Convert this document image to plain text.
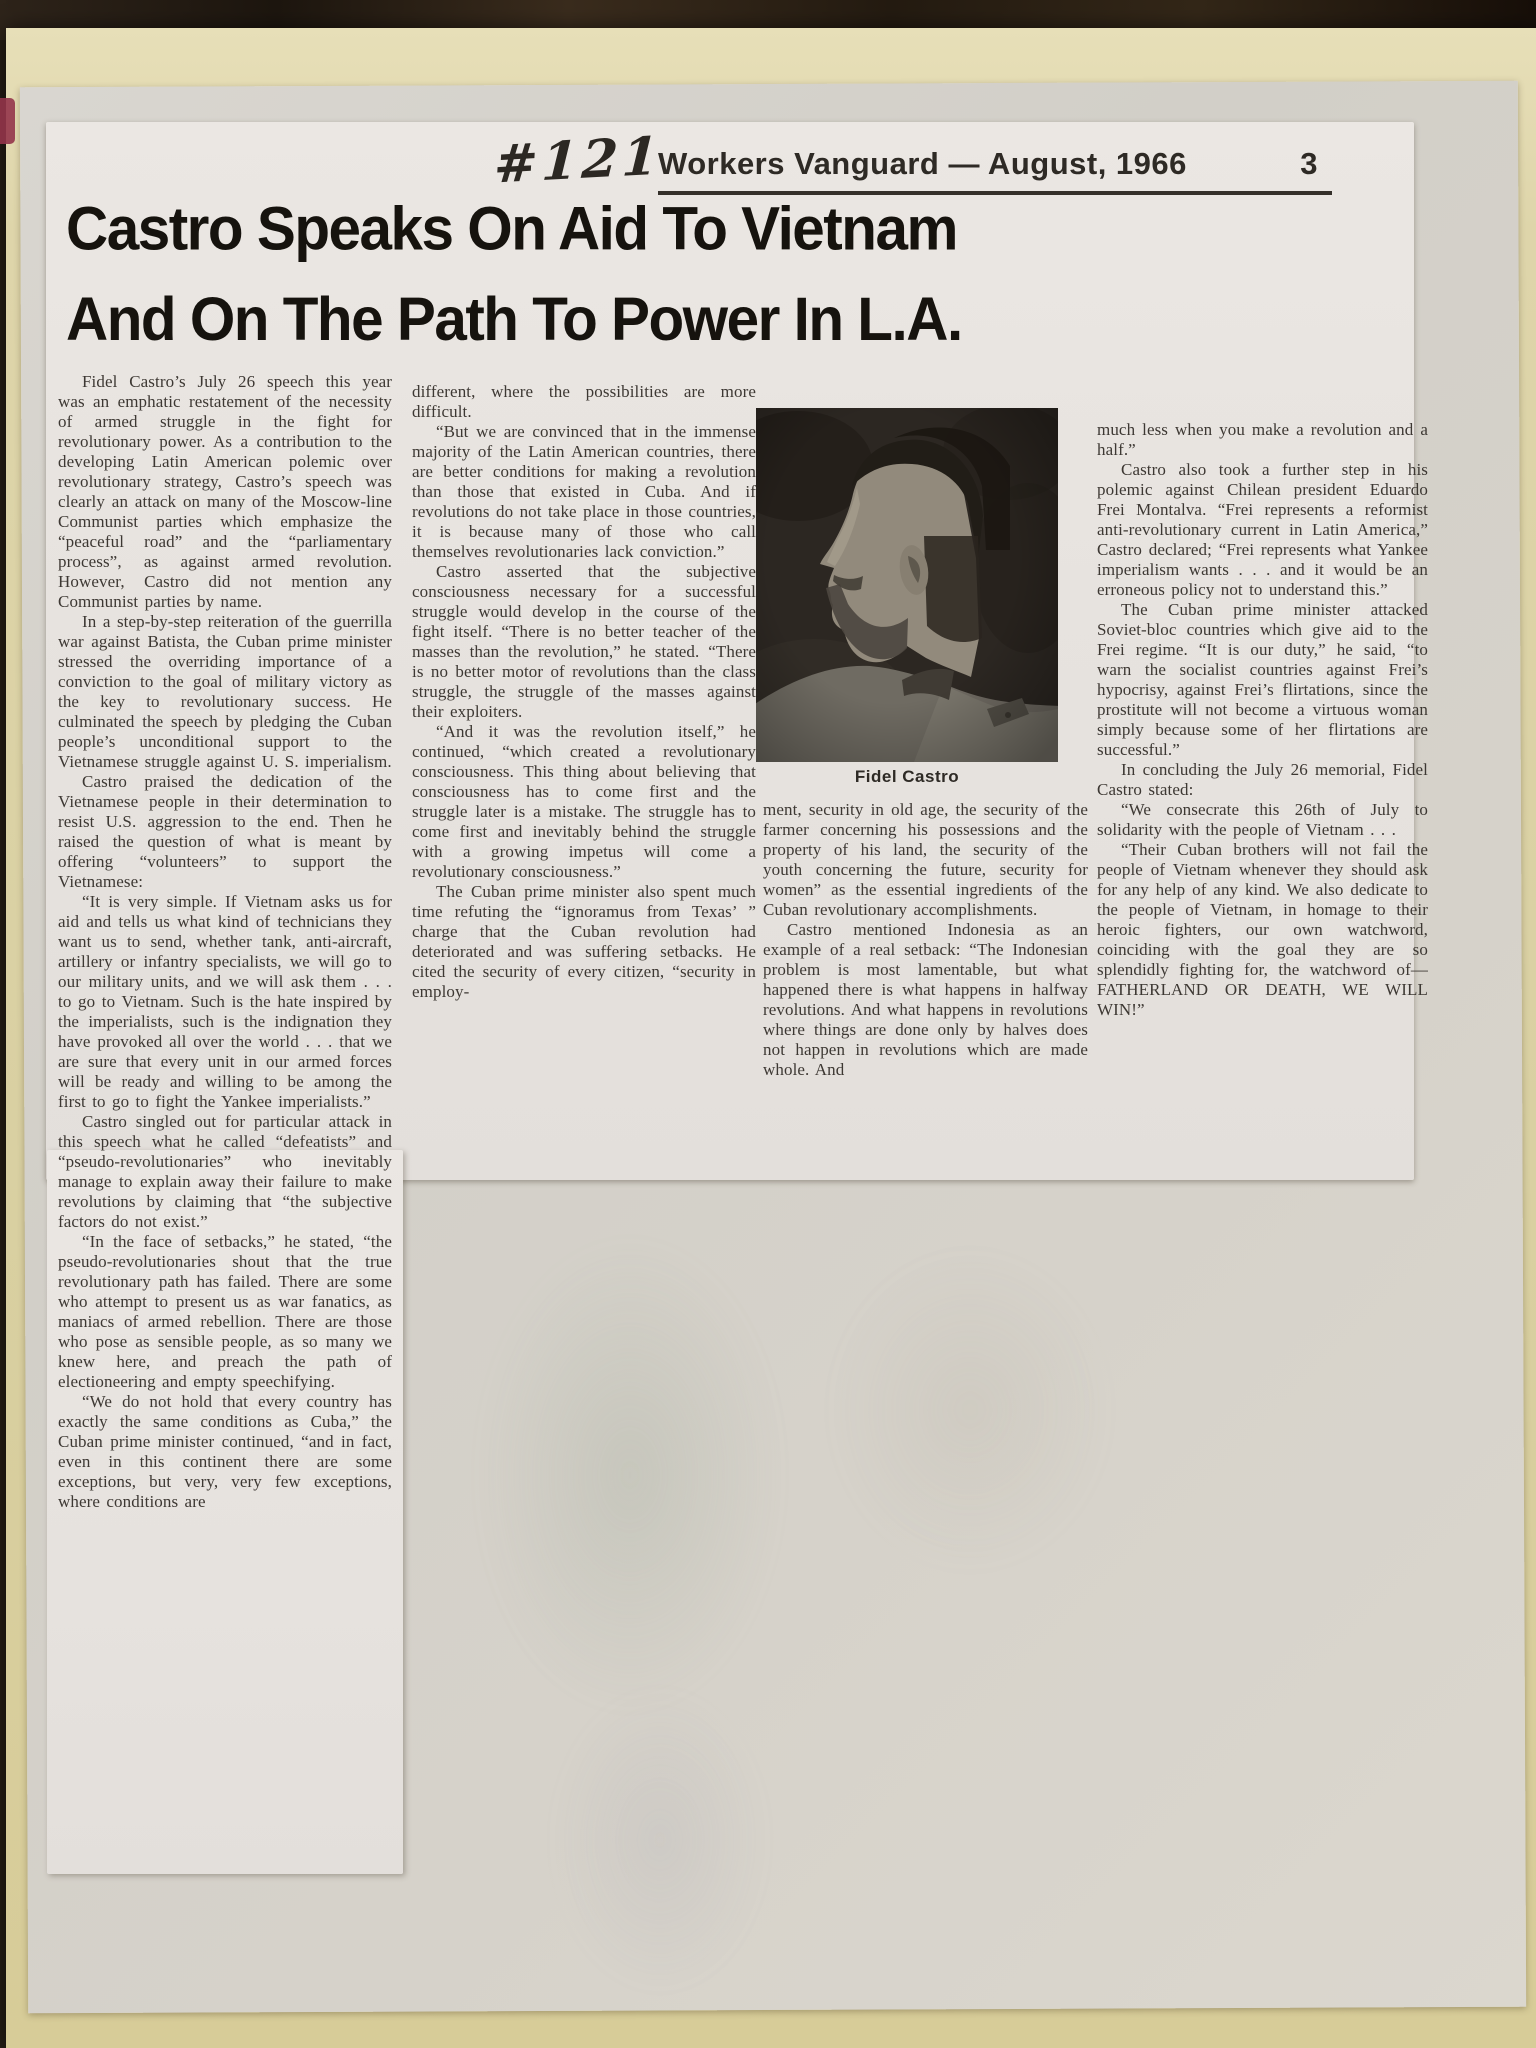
#121
Workers Vanguard — August, 1966	3
Castro Speaks On Aid To Vietnam
And On The Path To Power In L.A.

Fidel Castro’s July 26 speech this year was an emphatic restatement of the necessity of armed struggle in the fight for revolutionary power. As a contribution to the developing Latin American polemic over revolutionary strategy, Castro’s speech was clearly an attack on many of the Moscow-line Communist parties which emphasize the “peaceful road” and the “parliamentary process”, as against armed revolution. However, Castro did not mention any Communist parties by name.

In a step-by-step reiteration of the guerrilla war against Batista, the Cuban prime minister stressed the overriding importance of a conviction to the goal of military victory as the key to revolutionary success. He culminated the speech by pledging the Cuban people’s unconditional support to the Vietnamese struggle against U. S. imperialism.

Castro praised the dedication of the Vietnamese people in their determination to resist U.S. aggression to the end. Then he raised the question of what is meant by offering “volunteers” to support the Vietnamese:

“It is very simple. If Vietnam asks us for aid and tells us what kind of technicians they want us to send, whether tank, anti-aircraft, artillery or infantry specialists, we will go to our military units, and we will ask them . . . to go to Vietnam. Such is the hate inspired by the imperialists, such is the indignation they have provoked all over the world . . . that we are sure that every unit in our armed forces will be ready and willing to be among the first to go to fight the Yankee imperialists.”

Castro singled out for particular attack in this speech what he called “defeatists” and “pseudo-revolutionaries” who inevitably manage to explain away their failure to make revolutions by claiming that “the subjective factors do not exist.”

“In the face of setbacks,” he stated, “the pseudo-revolutionaries shout that the true revolutionary path has failed. There are some who attempt to present us as war fanatics, as maniacs of armed rebellion. There are those who pose as sensible people, as so many we knew here, and preach the path of electioneering and empty speechifying.

“We do not hold that every country has exactly the same conditions as Cuba,” the Cuban prime minister continued, “and in fact, even in this continent there are some exceptions, but very, very few exceptions, where conditions are

different, where the possibilities are more difficult.

“But we are convinced that in the immense majority of the Latin American countries, there are better conditions for making a revolution than those that existed in Cuba. And if revolutions do not take place in those countries, it is because many of those who call themselves revolutionaries lack conviction.”

Castro asserted that the subjective consciousness necessary for a successful struggle would develop in the course of the fight itself. “There is no better teacher of the masses than the revolution,” he stated. “There is no better motor of revolutions than the class struggle, the struggle of the masses against their exploiters.

“And it was the revolution itself,” he continued, “which created a revolutionary consciousness. This thing about believing that consciousness has to come first and the struggle later is a mistake. The struggle has to come first and inevitably behind the struggle with a growing impetus will come a revolutionary consciousness.”

The Cuban prime minister also spent much time refuting the “ignoramus from Texas’ ” charge that the Cuban revolution had deteriorated and was suffering setbacks. He cited the security of every citizen, “security in employ-

Fidel Castro

ment, security in old age, the security of the farmer concerning his possessions and the property of his land, the security of the youth concerning the future, security for women” as the essential ingredients of the Cuban revolutionary accomplishments.

Castro mentioned Indonesia as an example of a real setback: “The Indonesian problem is most lamentable, but what happened there is what happens in halfway revolutions. And what happens in revolutions where things are done only by halves does not happen in revolutions which are made whole. And

much less when you make a revolution and a half.”

Castro also took a further step in his polemic against Chilean president Eduardo Frei Montalva. “Frei represents a reformist anti-revolutionary current in Latin America,” Castro declared; “Frei represents what Yankee imperialism wants . . . and it would be an erroneous policy not to understand this.”

The Cuban prime minister attacked Soviet-bloc countries which give aid to the Frei regime. “It is our duty,” he said, “to warn the socialist countries against Frei’s hypocrisy, against Frei’s flirtations, since the prostitute will not become a virtuous woman simply because some of her flirtations are successful.”

In concluding the July 26 memorial, Fidel Castro stated:

“We consecrate this 26th of July to solidarity with the people of Vietnam . . .

“Their Cuban brothers will not fail the people of Vietnam whenever they should ask for any help of any kind. We also dedicate to the people of Vietnam, in homage to their heroic fighters, our own watchword, coinciding with the goal they are so splendidly fighting for, the watchword of—FATHERLAND OR DEATH, WE WILL WIN!”
